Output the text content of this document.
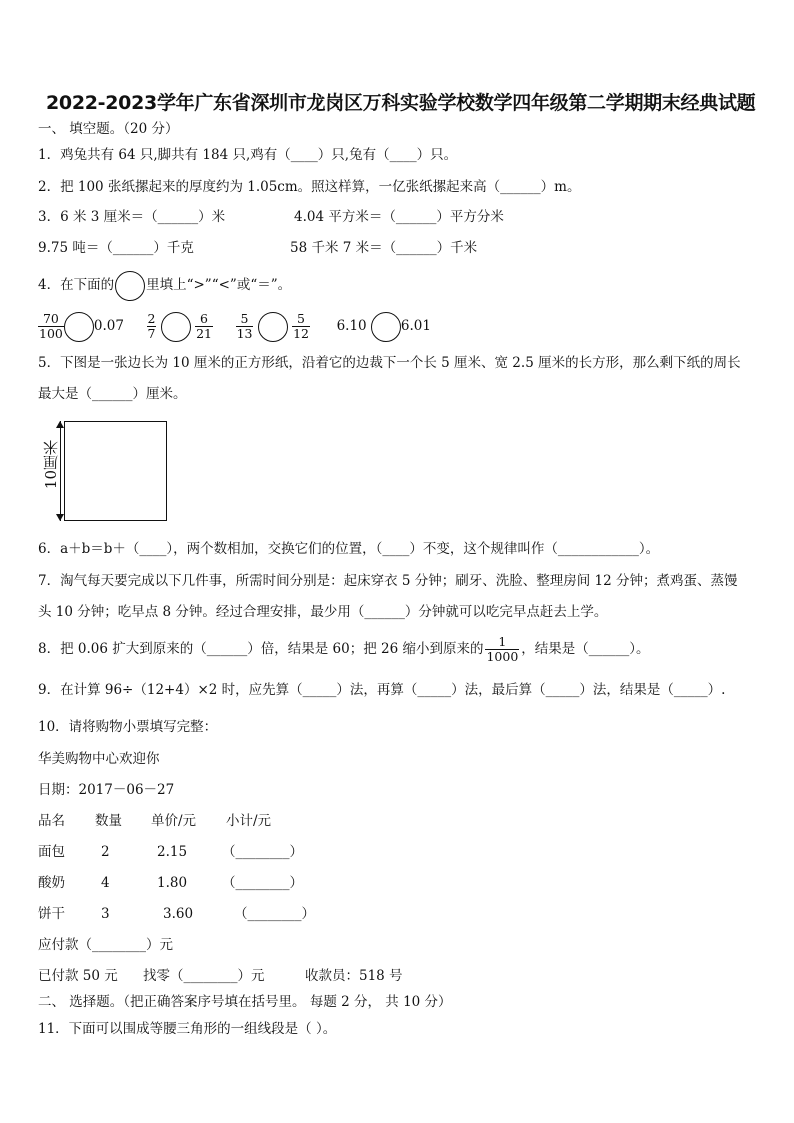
2022-2023学年广东省深圳市龙岗区万科实验学校数学四年级第二学期期末经典试题
一、 填空题。（20 分）
1．鸡兔共有 64 只,脚共有 184 只,鸡有（____）只,兔有（____）只。
2．把 100 张纸摞起来的厚度约为 1.05cm。照这样算，一亿张纸摞起来高（______）m。
3．6 米 3 厘米＝（______）米	4.04 平方米＝（______）平方分米
9.75 吨＝（______）千克	58 千米 7 米＝（______）千米
4．在下面的 里填上“>”“<”或“＝”。
$\frac{70}{100} 0.07 \frac{2}{7}$
	$\frac{6}{21}$
$\frac{5}{13}$
	$\frac{5}{12} 6.10$	6.01
5．下图是一张边长为 10 厘米的正方形纸，沿着它的边裁下一个长 5 厘米、宽 2.5 厘米的长方形，那么剩下纸的周长
最大是（______）厘米。
10厘米
6．a＋b＝b＋（____），两个数相加，交换它们的位置，（____）不变，这个规律叫作（____________）。
7．淘气每天要完成以下几件事，所需时间分别是：起床穿衣 5 分钟；刷牙、洗脸、整理房间 12 分钟；煮鸡蛋、蒸馒
头 10 分钟；吃早点 8 分钟。经过合理安排，最少用（______）分钟就可以吃完早点赶去上学。
8．把 0.06 扩大到原来的（______）倍，结果是 60；把 26 缩小到原来的 $\frac{1}{1000}$ ，结果是（______）。
9．在计算 96÷（12+4）×2 时，应先算（_____）法，再算（_____）法，最后算（_____）法，结果是（_____）.
10．请将购物小票填写完整：
华美购物中心欢迎你
日期：2017－06－27
品名 数量 单价/元 小计/元
面包	2	2.15	（________）
酸奶	4	1.80	（________）
饼干	3	3.60	（________）
应付款（________）元
已付款 50 元 找零（________）元	收款员：518 号
二、 选择题。（把正确答案序号填在括号里。 每题 2 分， 共 10 分）
11．下面可以围成等腰三角形的一组线段是（ ）。
